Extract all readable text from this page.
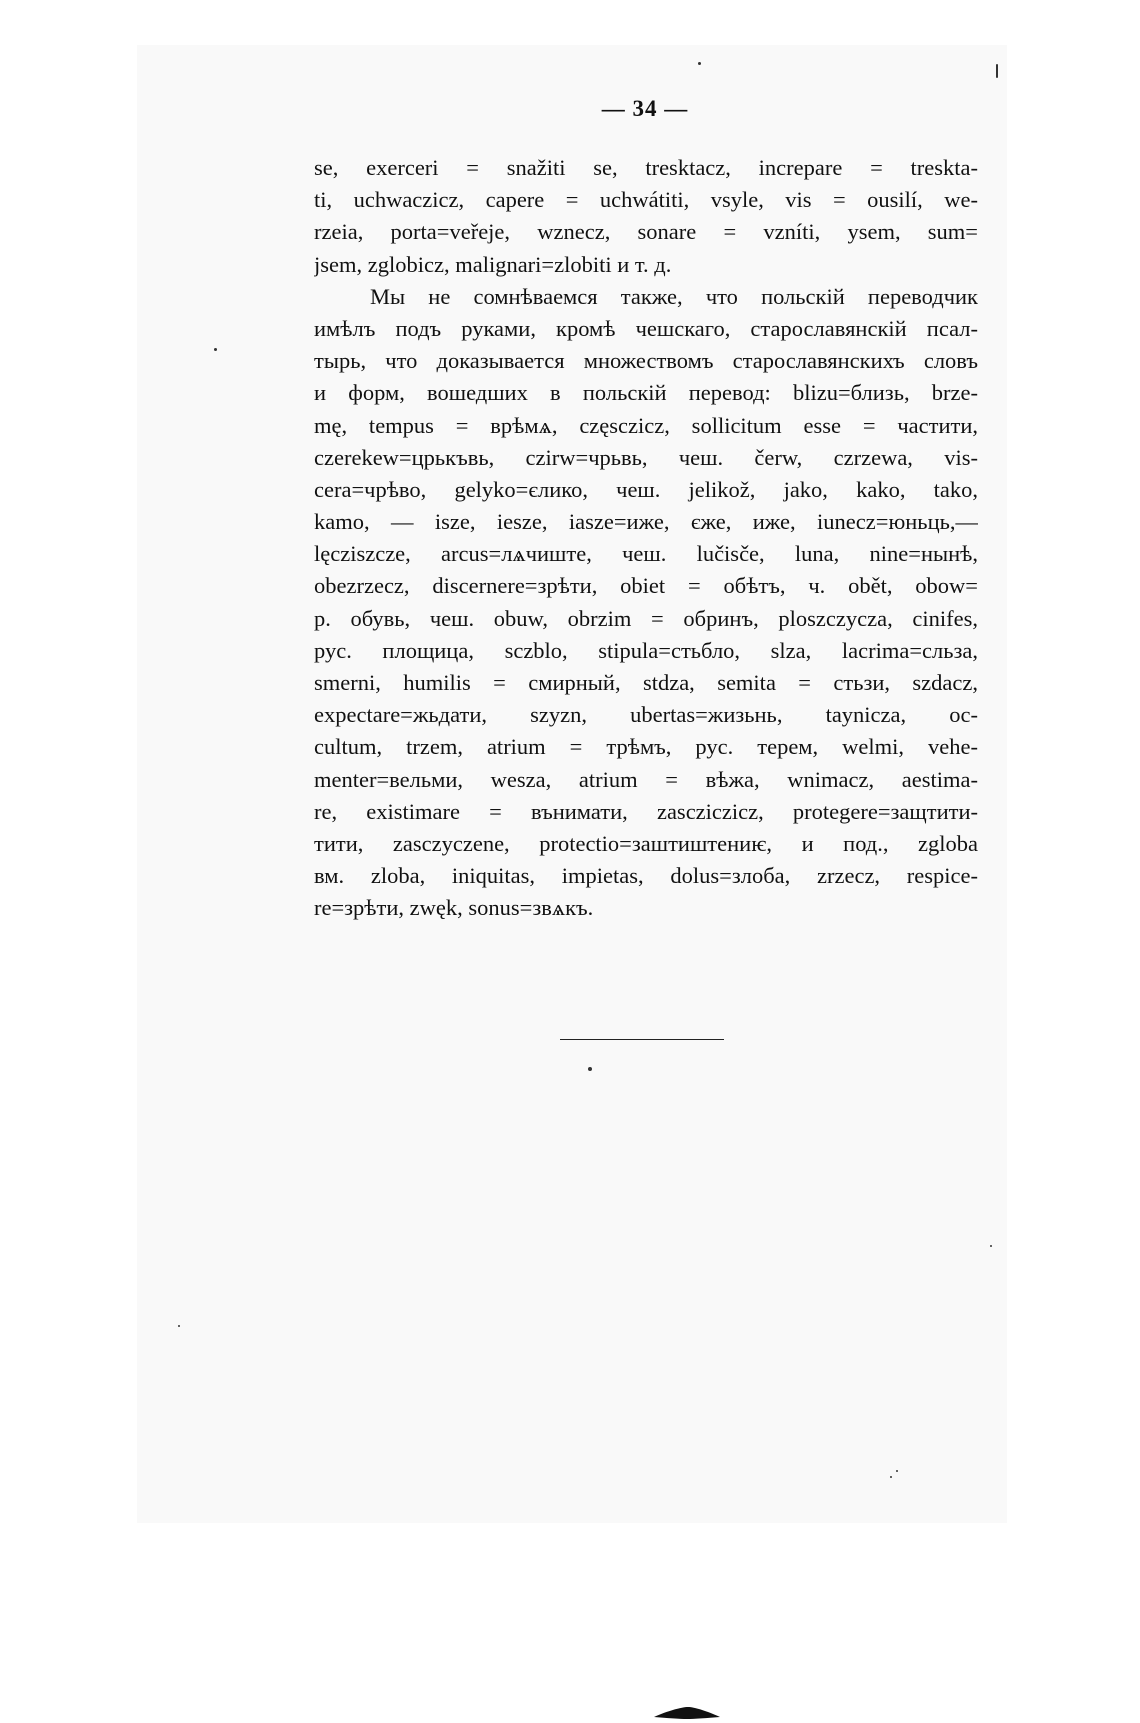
— 34 —
se, exerceri = snažiti se, tresktacz, increpare = treskta-
ti, uchwaczicz, capere = uchwátiti, vsyle, vis = ousilí, we-
rzeia, porta=veřeje, wznecz, sonare = vzníti, ysem, sum=
jsem, zglobicz, malignari=zlobiti и т. д.
Мы не сомнѣваемся также, что польскій переводчик
имѣлъ подъ руками, кромѣ чешскаго, старославянскій псал-
тырь, что доказывается множествомъ старославянскихъ словъ
и форм, вошедших в польскій перевод: blizu=близь, brze-
mę, tempus = врѣмѧ, częsczicz, sollicitum esse = частити,
czerekew=црькъвь, czirw=чрьвь, чеш. čerw, czrzewa, vis-
cera=чрѣво, gelyko=єлико, чеш. jelikož, jako, kako, tako,
kamo, — isze, iesze, iasze=иже, єже, иже, iunecz=юньць,—
lęcziszcze, arcus=лѧчиште, чеш. lučisče, luna, nine=нынѣ,
obezrzecz, discernere=зрѣти, obiet = обѣтъ, ч. obět, obow=
р. обувь, чеш. obuw, obrzim = обринъ, ploszczycza, cinifes,
рус. площица, sczblo, stipula=стьбло, slza, lacrima=сльза,
smerni, humilis = смирный, stdza, semita = стьзи, szdacz,
expectare=жьдати, szyzn, ubertas=жизьнь, taynicza, oc-
cultum, trzem, atrium = трѣмъ, рус. терем, welmi, vehe-
menter=вельми, wesza, atrium = вѣжа, wnimacz, aestima-
re, existimare = вънимати, zascziczicz, protegere=защтити-
тити, zasczyczene, protectio=заштиштениѥ, и под., zgloba
вм. zloba, iniquitas, impietas, dolus=злоба, zrzecz, respice-
re=зрѣти, zwęk, sonus=звѧкъ.
